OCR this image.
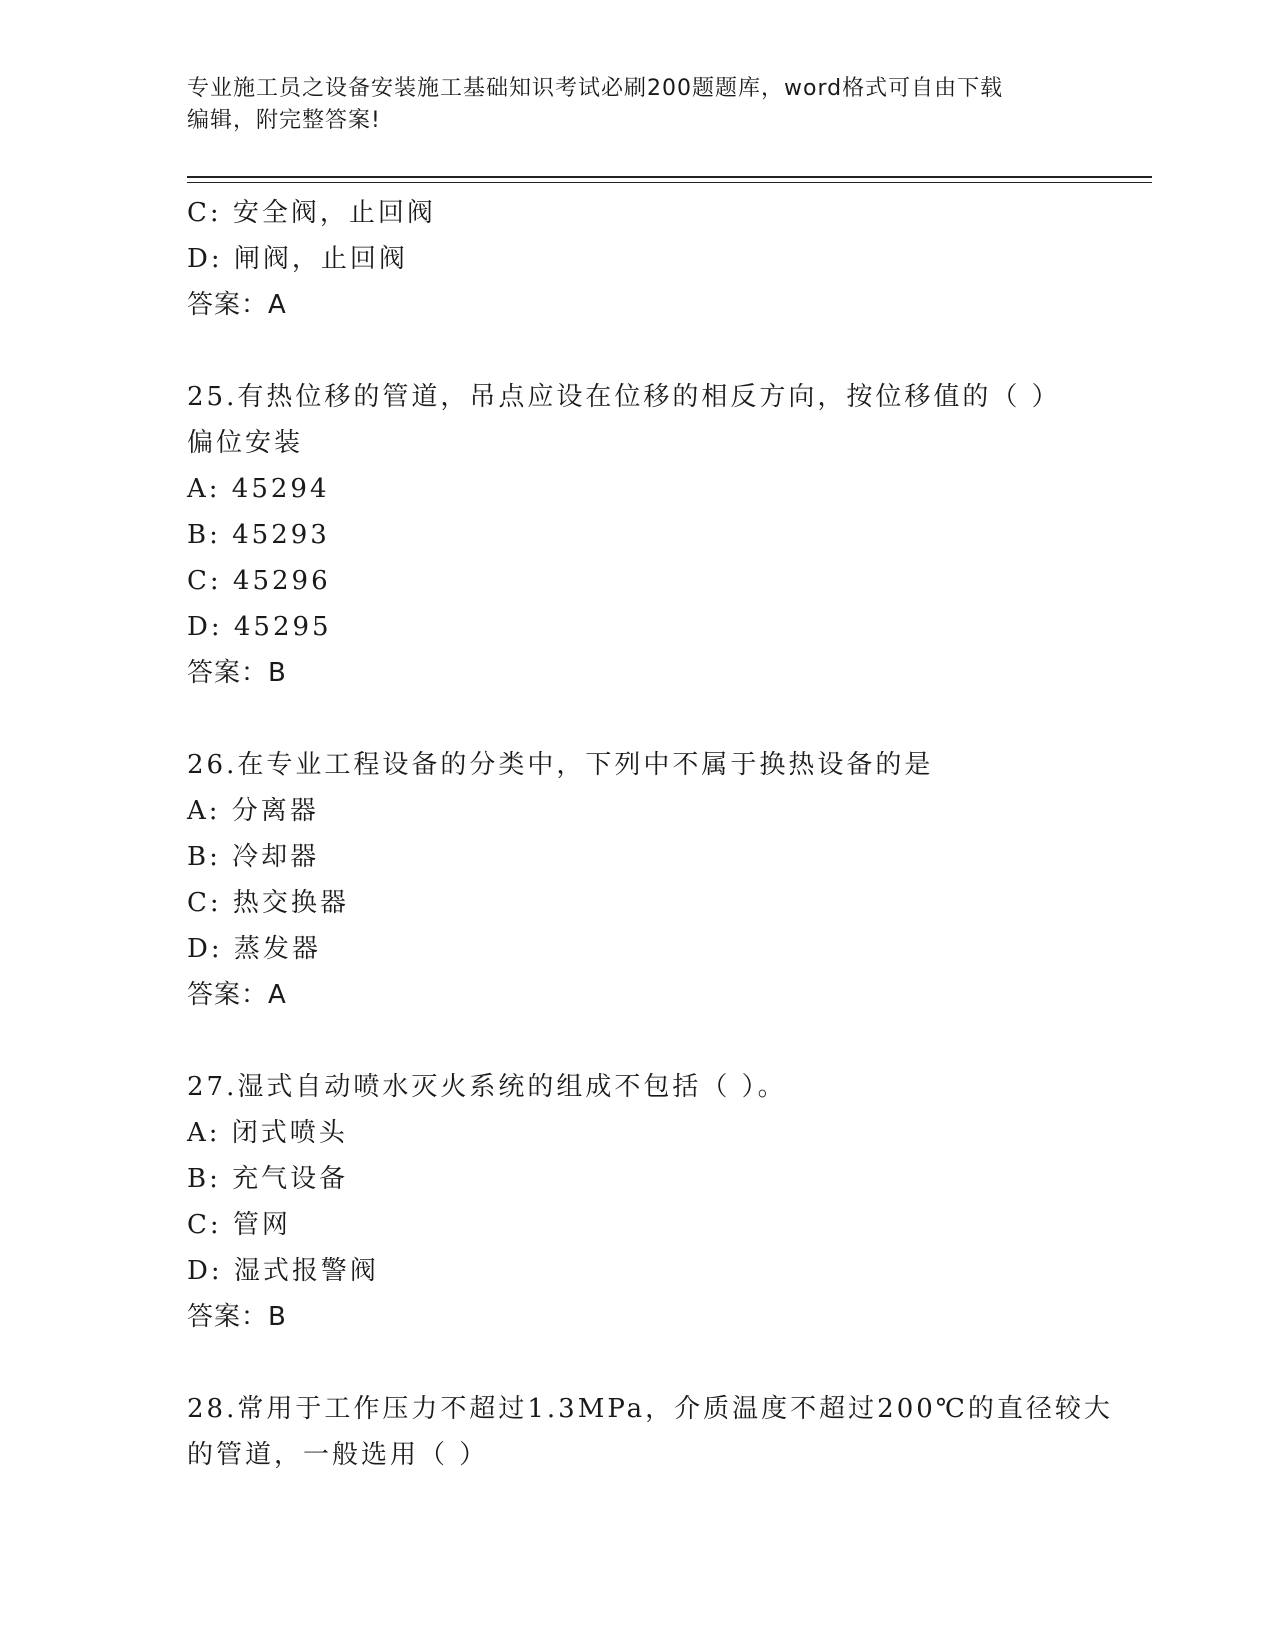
专业施工员之设备安装施工基础知识考试必刷200题题库，word格式可自由下载
编辑，附完整答案!
C: 安全阀，止回阀
D: 闸阀，止回阀
答案：A
25.有热位移的管道，吊点应设在位移的相反方向，按位移值的（ ）
偏位安装
A: 45294
B: 45293
C: 45296
D: 45295
答案：B
26.在专业工程设备的分类中，下列中不属于换热设备的是
A: 分离器
B: 冷却器
C: 热交换器
D: 蒸发器
答案：A
27.湿式自动喷水灭火系统的组成不包括（ ）。
A: 闭式喷头
B: 充气设备
C: 管网
D: 湿式报警阀
答案：B
28.常用于工作压力不超过1.3MPa，介质温度不超过200℃的直径较大
的管道，一般选用（ ）
